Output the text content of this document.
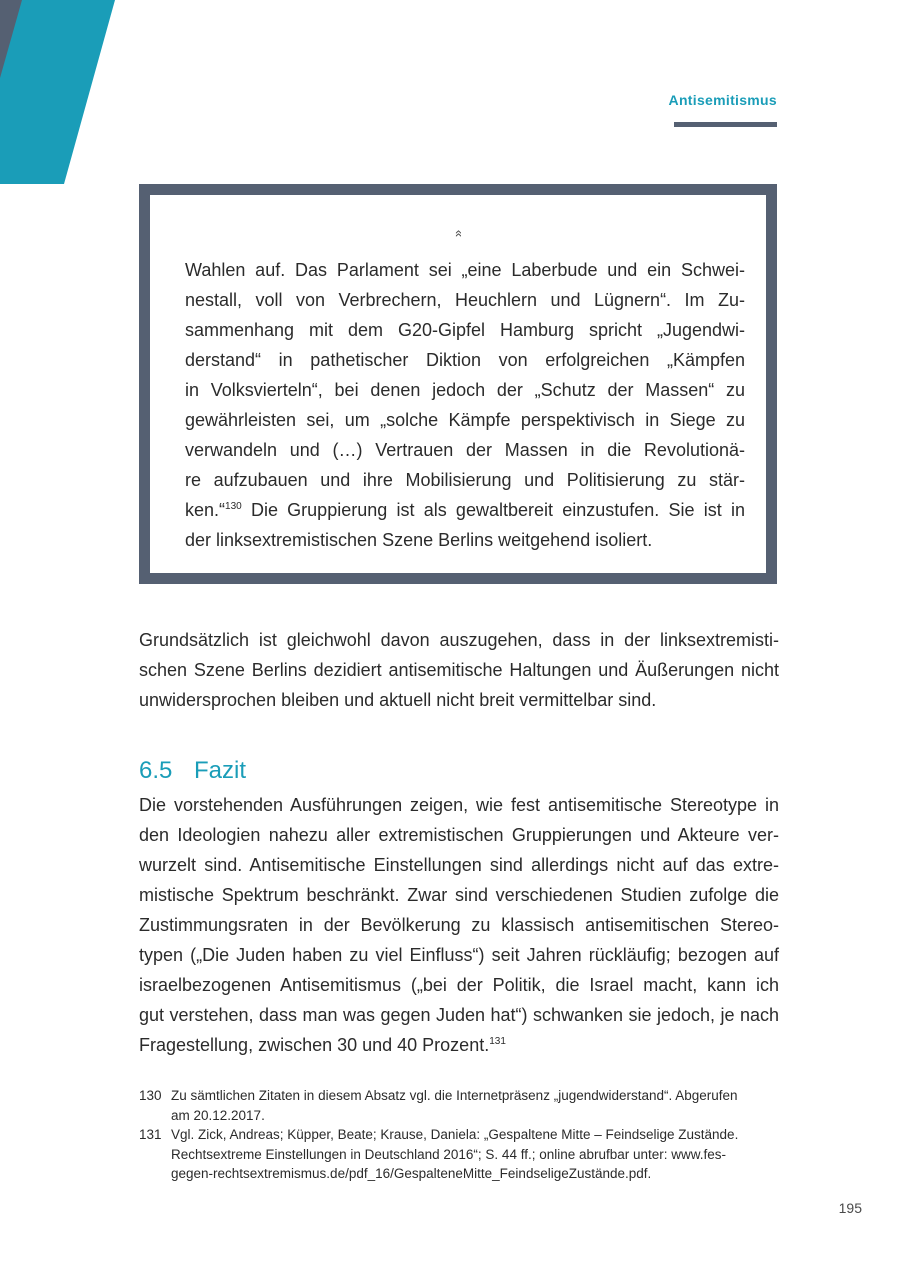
Antisemitismus
»
Wahlen auf. Das Parlament sei „eine Laberbude und ein Schwei-
nestall, voll von Verbrechern, Heuchlern und Lügnern“. Im Zu-
sammenhang mit dem G20-Gipfel Hamburg spricht „Jugendwi-
derstand“ in pathetischer Diktion von erfolgreichen „Kämpfen
in Volksvierteln“, bei denen jedoch der „Schutz der Massen“ zu
gewährleisten sei, um „solche Kämpfe perspektivisch in Siege zu
verwandeln und (…) Vertrauen der Massen in die Revolutionä-
re aufzubauen und ihre Mobilisierung und Politisierung zu stär-
ken.“$^{130}$ Die Gruppierung ist als gewaltbereit einzustufen. Sie ist in
der linksextremistischen Szene Berlins weitgehend isoliert.
Grundsätzlich ist gleichwohl davon auszugehen, dass in der linksextremisti-
schen Szene Berlins dezidiert antisemitische Haltungen und Äußerungen nicht
unwidersprochen bleiben und aktuell nicht breit vermittelbar sind.
6.5 Fazit
Die vorstehenden Ausführungen zeigen, wie fest antisemitische Stereotype in
den Ideologien nahezu aller extremistischen Gruppierungen und Akteure ver-
wurzelt sind. Antisemitische Einstellungen sind allerdings nicht auf das extre-
mistische Spektrum beschränkt. Zwar sind verschiedenen Studien zufolge die
Zustimmungsraten in der Bevölkerung zu klassisch antisemitischen Stereo-
typen („Die Juden haben zu viel Einfluss“) seit Jahren rückläufig; bezogen auf
israelbezogenen Antisemitismus („bei der Politik, die Israel macht, kann ich
gut verstehen, dass man was gegen Juden hat“) schwanken sie jedoch, je nach
Fragestellung, zwischen 30 und 40 Prozent.$^{131}$
130 Zu sämtlichen Zitaten in diesem Absatz vgl. die Internetpräsenz „jugendwiderstand“. Abgerufen
am 20.12.2017.
131 Vgl. Zick, Andreas; Küpper, Beate; Krause, Daniela: „Gespaltene Mitte – Feindselige Zustände.
Rechtsextreme Einstellungen in Deutschland 2016“; S. 44 ff.; online abrufbar unter: www.fes-
gegen-rechtsextremismus.de/pdf_16/GespalteneMitte_FeindseligeZustände.pdf.
195
